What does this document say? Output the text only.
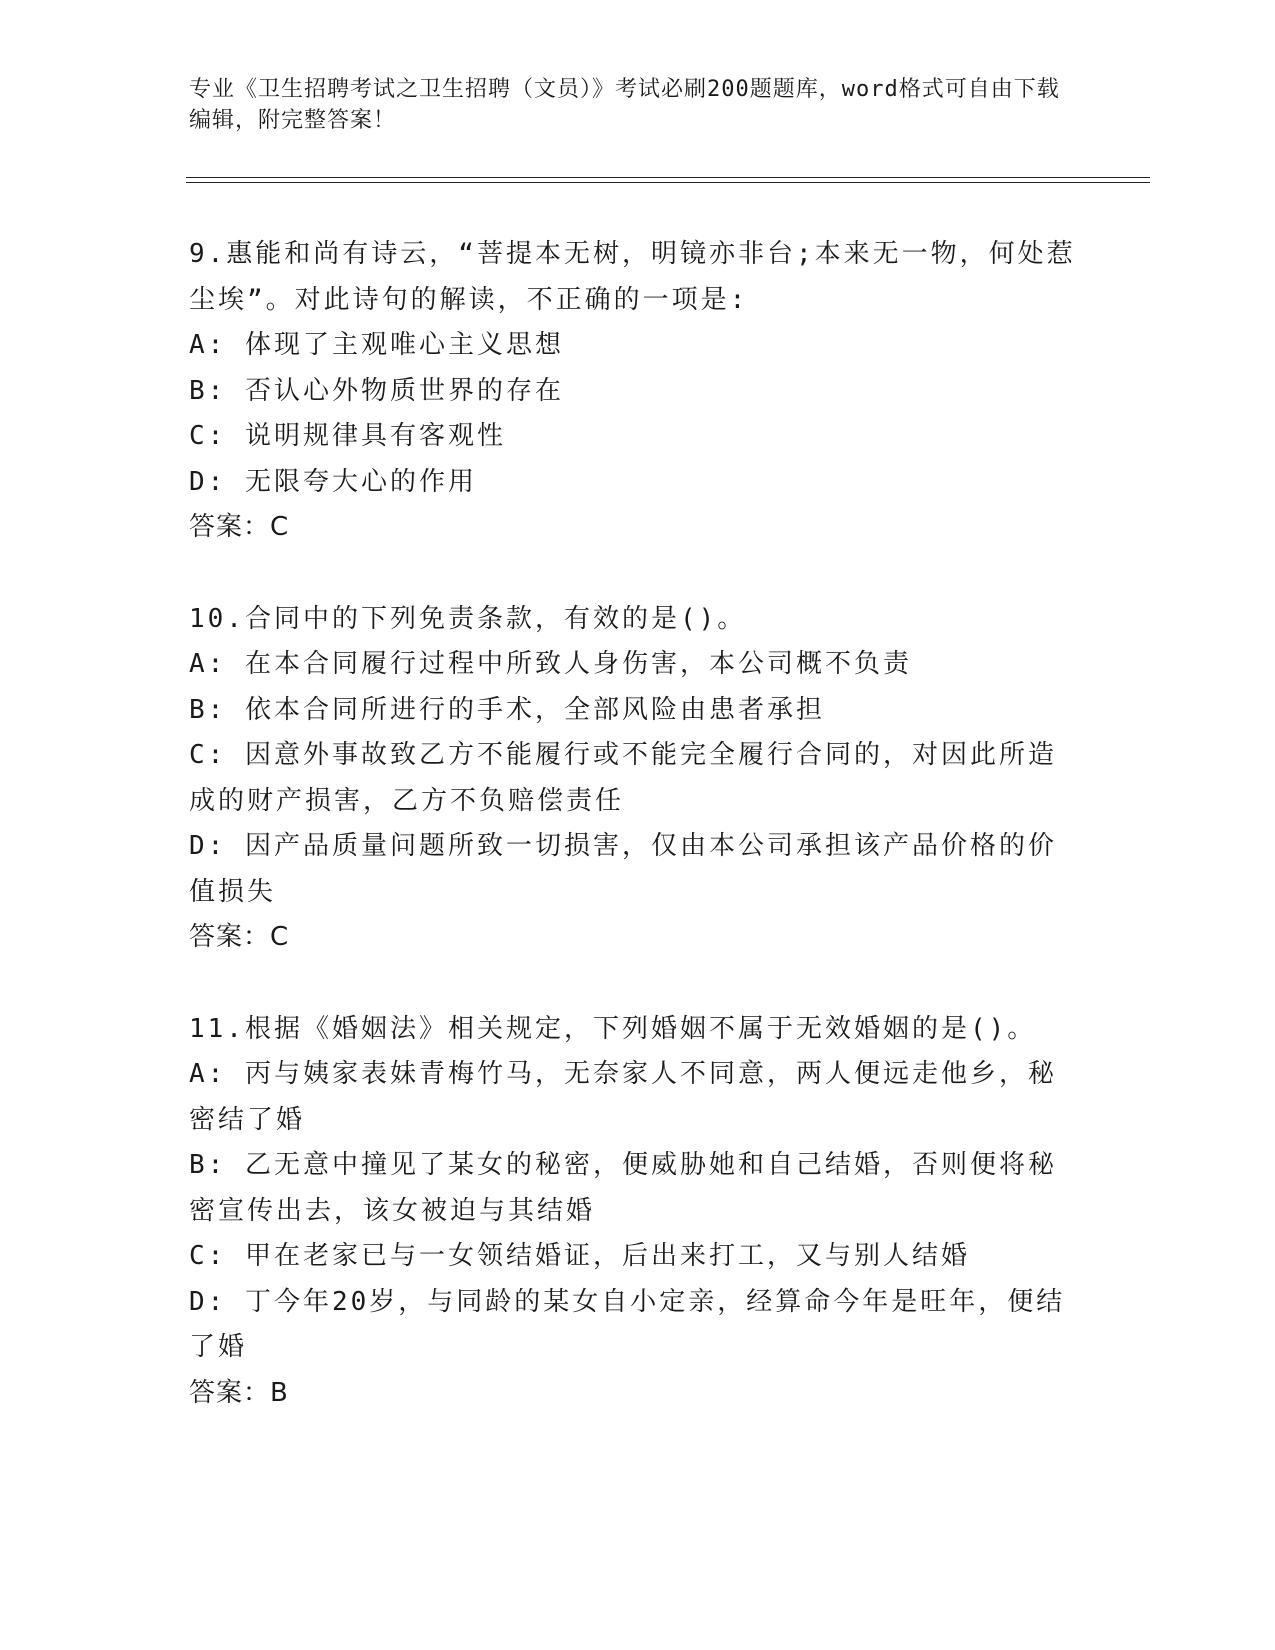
专业《卫生招聘考试之卫生招聘（文员）》考试必刷200题题库，word格式可自由下载编辑，附完整答案！
9.惠能和尚有诗云，“菩提本无树，明镜亦非台;本来无一物，何处惹尘埃”。对此诗句的解读，不正确的一项是:
A: 体现了主观唯心主义思想
B: 否认心外物质世界的存在
C: 说明规律具有客观性
D: 无限夸大心的作用
答案：C
10.合同中的下列免责条款，有效的是()。
A: 在本合同履行过程中所致人身伤害，本公司概不负责
B: 依本合同所进行的手术，全部风险由患者承担
C: 因意外事故致乙方不能履行或不能完全履行合同的，对因此所造成的财产损害，乙方不负赔偿责任
D: 因产品质量问题所致一切损害，仅由本公司承担该产品价格的价值损失
答案：C
11.根据《婚姻法》相关规定，下列婚姻不属于无效婚姻的是()。
A: 丙与姨家表妹青梅竹马，无奈家人不同意，两人便远走他乡，秘密结了婚
B: 乙无意中撞见了某女的秘密，便威胁她和自己结婚，否则便将秘密宣传出去，该女被迫与其结婚
C: 甲在老家已与一女领结婚证，后出来打工，又与别人结婚
D: 丁今年20岁，与同龄的某女自小定亲，经算命今年是旺年，便结了婚
答案：B
